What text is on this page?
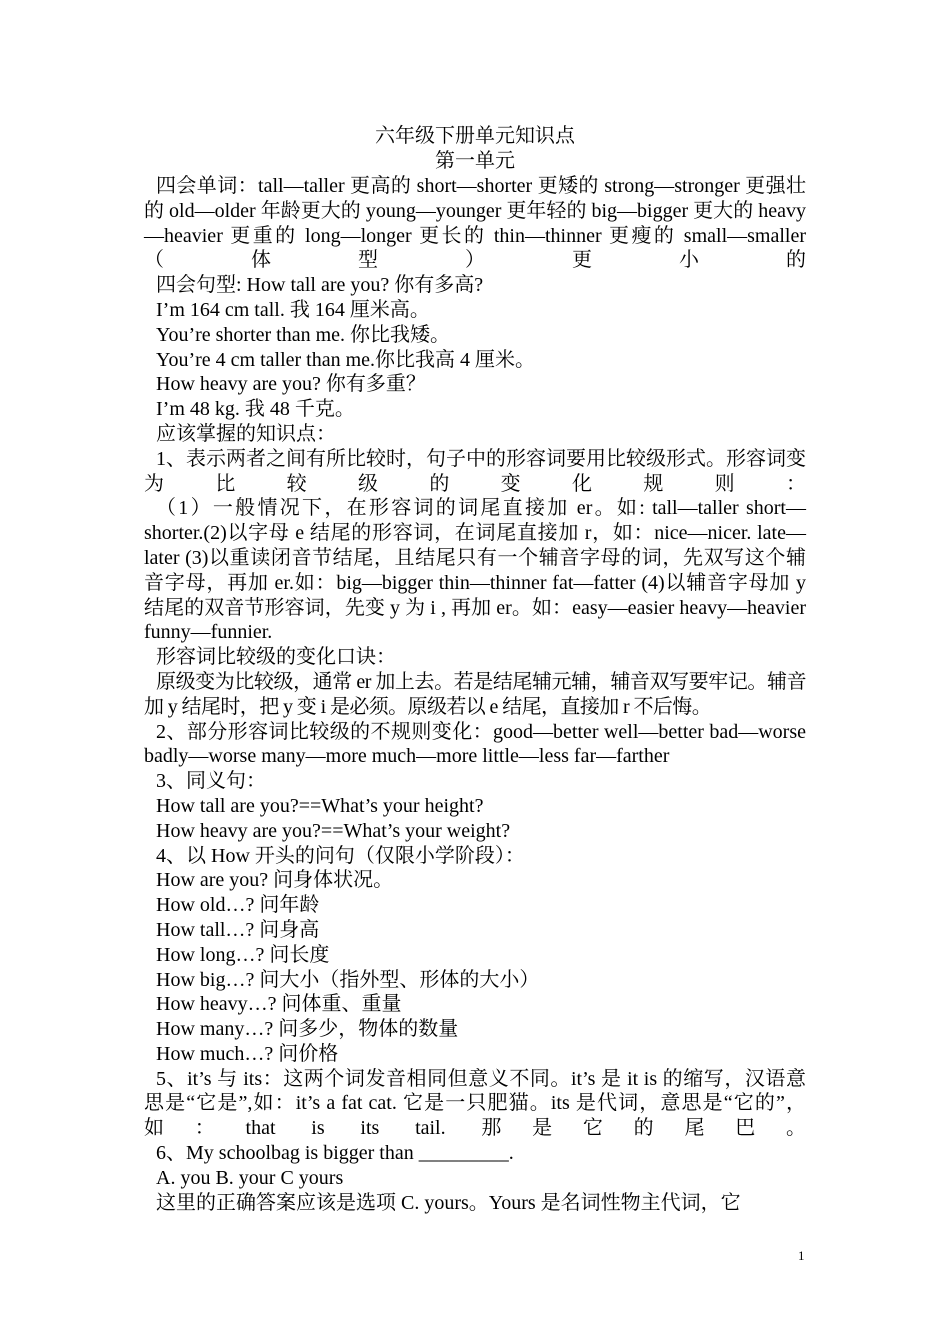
六年级下册单元知识点
第一单元

四会单词：tall—taller 更高的 short—shorter 更矮的 strong—stronger 更强壮的 old—older 年龄更大的 young—younger 更年轻的 big—bigger 更大的 heavy—heavier 更重的 long—longer 更长的 thin—thinner 更瘦的 small—smaller （体型）更小的

四会句型: How tall are you? 你有多高?

I’m 164 cm tall. 我 164 厘米高。

You’re shorter than me. 你比我矮。

You’re 4 cm taller than me.你比我高 4 厘米。

How heavy are you? 你有多重？

I’m 48 kg. 我 48 千克。

应该掌握的知识点：

1、表示两者之间有所比较时，句子中的形容词要用比较级形式。形容词变为比较级的变化规则：

（1）一般情况下，在形容词的词尾直接加 er。如: tall—taller short—shorter.(2)以字母 e 结尾的形容词，在词尾直接加 r，如：nice—nicer. late—later (3)以重读闭音节结尾，且结尾只有一个辅音字母的词，先双写这个辅音字母，再加 er.如：big—bigger thin—thinner fat—fatter (4)以辅音字母加 y 结尾的双音节形容词，先变 y 为 i , 再加 er。如：easy—easier heavy—heavier funny—funnier.

形容词比较级的变化口诀：

原级变为比较级，通常 er 加上去。若是结尾辅元辅，辅音双写要牢记。辅音加 y 结尾时，把 y 变 i 是必须。原级若以 e 结尾，直接加 r 不后悔。

2、部分形容词比较级的不规则变化：good—better well—better bad—worse badly—worse many—more much—more little—less far—farther

3、同义句：

How tall are you?==What’s your height?

How heavy are you?==What’s your weight?

4、以 How 开头的问句（仅限小学阶段）：

How are you? 问身体状况。

How old…? 问年龄

How tall…? 问身高

How long…? 问长度

How big…? 问大小（指外型、形体的大小）

How heavy…? 问体重、重量

How many…? 问多少，物体的数量

How much…? 问价格

5、it’s 与 its：这两个词发音相同但意义不同。it’s 是 it is 的缩写，汉语意思是“它是”,如：it’s a fat cat. 它是一只肥猫。its 是代词，意思是“它的”，如：that is its tail. 那是它的尾巴。

6、My schoolbag is bigger than _________.

A. you B. your C yours

这里的正确答案应该是选项 C. yours。Yours 是名词性物主代词，它

1
